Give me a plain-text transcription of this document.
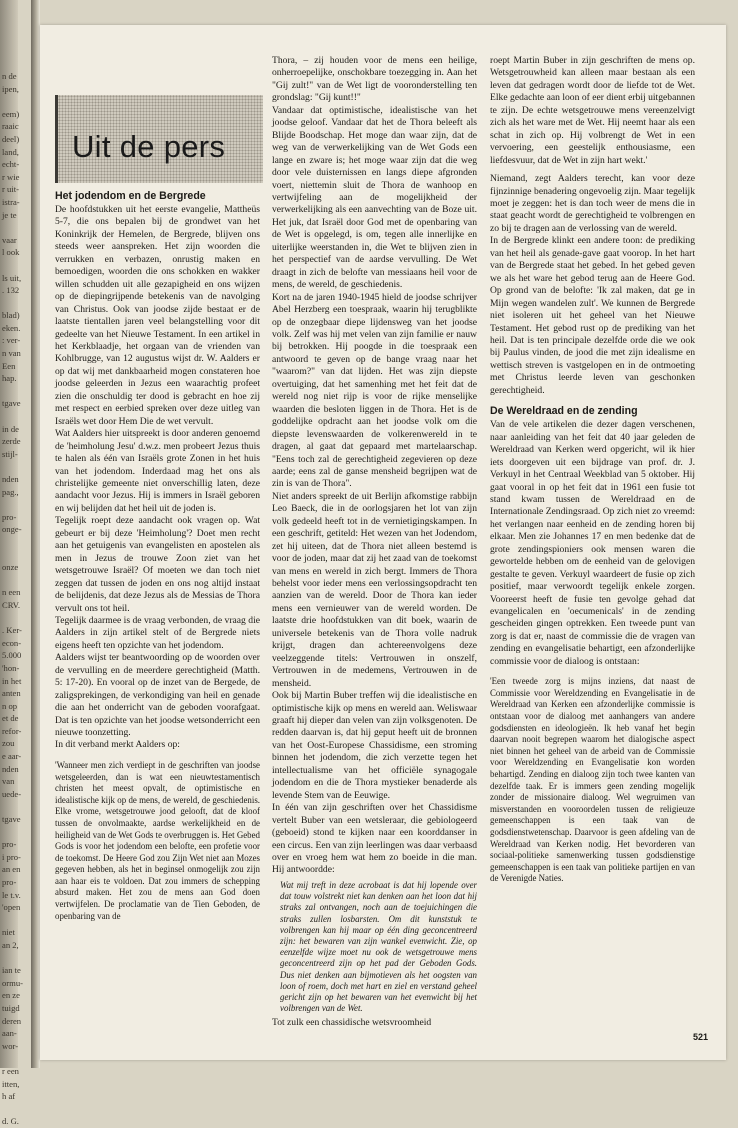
n de
ipen,

eem)
raaic
deel)
land,
echt-
r wie
r uit-
istra-
je te

vaar
l ook

ls uit,
. 132

blad)
eken.
: ver-
n van
Een
hap.

tgave

in de
zerde
stijl-

nden
pag.,

pro-
onge-

onze

n een
CRV.

. Ker-
econ-
5.000
'hon-
in het
anten
n op
et de
refor-
zou
e aar-
nden
van
uede-

tgave

pro-
i pro-
an en
pro-
le t.v.
'open

niet
an 2,

ian te
ormu-
en ze
tuigd
deren
aan-
wor-

r een
itten,
h af

d. G.
Uit de pers
Het jodendom en de Bergrede

De hoofdstukken uit het eerste evangelie, Mattheüs 5-7, die ons bepalen bij de grondwet van het Koninkrijk der Hemelen, de Bergrede, blijven ons steeds weer aanspreken. Het zijn woorden die verrukken en verbazen, onrustig maken en bemoedigen, woorden die ons schokken en wakker willen schudden uit alle gezapigheid en ons wijzen op de diepingrijpende betekenis van de navolging van Christus. Ook van joodse zijde bestaat er de laatste tientallen jaren veel belangstelling voor dit gedeelte van het Nieuwe Testament. In een artikel in het Kerkblaadje, het orgaan van de vrienden van Kohlbrugge, van 12 augustus wijst dr. W. Aalders er op dat wij met dankbaarheid mogen constateren hoe joodse geleerden in Jezus een waarachtig profeet zien die onschuldig ter dood is gebracht en hoe zij met respect en eerbied spreken over deze uitleg van Israëls wet door Hem Die de wet vervult.

Wat Aalders hier uitspreekt is door anderen genoemd de 'heimholung Jesu' d.w.z. men probeert Jezus thuis te halen als één van Israëls grote Zonen in het huis van het jodendom. Inderdaad mag het ons als christelijke gemeente niet onverschillig laten, deze aandacht voor Jezus. Hij is immers in Israël geboren en wij belijden dat het heil uit de joden is.

Tegelijk roept deze aandacht ook vragen op. Wat gebeurt er bij deze 'Heimholung'? Doet men recht aan het getuigenis van evangelisten en apostelen als men in Jezus de trouwe Zoon ziet van het wetsgetrouwe Israël? Of moeten we dan toch niet zeggen dat tussen de joden en ons nog altijd instaat de belijdenis, dat deze Jezus als de Messias de Thora vervult ons tot heil.

Tegelijk daarmee is de vraag verbonden, de vraag die Aalders in zijn artikel stelt of de Bergrede niets eigens heeft ten opzichte van het jodendom.

Aalders wijst ter beantwoording op de woorden over de vervulling en de meerdere gerechtigheid (Matth. 5: 17-20). En vooral op de inzet van de Bergede, de zaligsprekingen, de verkondiging van heil en genade die aan het onderricht van de geboden voorafgaat. Dat is ten opzichte van het joodse wetsonderricht een nieuwe toonzetting.

In dit verband merkt Aalders op:

'Wanneer men zich verdiept in de geschriften van joodse wetsgeleerden, dan is wat een nieuwtestamentisch christen het meest opvalt, de optimistische en idealistische kijk op de mens, de wereld, de geschiedenis. Elke vrome, wetsgetrouwe jood gelooft, dat de kloof tussen de onvolmaakte, aardse werkelijkheid en de heiligheid van de Wet Gods te overbruggen is. Het Gebed Gods is voor het jodendom een belofte, een profetie voor de toekomst. De Heere God zou Zijn Wet niet aan Mozes gegeven hebben, als het in beginsel onmogelijk zou zijn aan haar eis te voldoen. Dat zou immers de schepping absurd maken. Het zou de mens aan God doen vertwijfelen. De proclamatie van de Tien Geboden, de openbaring van de

Thora, – zij houden voor de mens een heilige, onherroepelijke, onschokbare toezegging in. Aan het "Gij zult!" van de Wet ligt de vooronderstelling ten grondslag: "Gij kunt!!"

Vandaar dat optimistische, idealistische van het joodse geloof. Vandaar dat het de Thora beleeft als Blijde Boodschap. Het moge dan waar zijn, dat de weg van de verwerkelijking van de Wet Gods een lange en zware is; het moge waar zijn dat die weg door vele duisternissen en langs diepe afgronden voert, niettemin sluit de Thora de wanhoop en vertwijfeling aan de mogelijkheid der verwerkelijking als een aanvechting van de Boze uit. Het juk, dat Israël door God met de openbaring van de Wet is opgelegd, is om, tegen alle innerlijke en uiterlijke weerstanden in, die Wet te blijven zien in het perspectief van de aardse vervulling. De Wet draagt in zich de belofte van messiaans heil voor de mens, de wereld, de geschiedenis.

Kort na de jaren 1940-1945 hield de joodse schrijver Abel Herzberg een toespraak, waarin hij terugblikte op de onzegbaar diepe lijdensweg van het joodse volk. Zelf was hij met velen van zijn familie er nauw bij betrokken. Hij poogde in die toespraak een antwoord te geven op de bange vraag naar het "waarom?" van dat lijden. Het was zijn diepste overtuiging, dat het samenhing met het feit dat de wereld nog niet rijp is voor de rijke menselijke waarden die besloten liggen in de Thora. Het is de goddelijke opdracht aan het joodse volk om die diepste levenswaarden de volkerenwereld in te dragen, al gaat dat gepaard met martelaarschap. "Eens toch zal de gerechtigheid zegevieren op deze aarde; eens zal de ganse mensheid begrijpen wat de zin is van de Thora".

Niet anders spreekt de uit Berlijn afkomstige rabbijn Leo Baeck, die in de oorlogsjaren het lot van zijn volk gedeeld heeft tot in de vernietigingskampen. In een geschrift, getiteld: Het wezen van het Jodendom, zet hij uiteen, dat de Thora niet alleen bestemd is voor de joden, maar dat zij het zaad van de toekomst van mens en wereld in zich bergt. Immers de Thora behelst voor ieder mens een verlossingsopdracht ten aanzien van de wereld. Door de Thora kan ieder mens een vernieuwer van de wereld worden. De laatste drie hoofdstukken van dit boek, waarin de universele betekenis van de Thora volle nadruk krijgt, dragen dan achtereenvolgens deze veelzeggende titels: Vertrouwen in onszelf, Vertrouwen in de medemens, Vertrouwen in de mensheid.

Ook bij Martin Buber treffen wij die idealistische en optimistische kijk op mens en wereld aan. Weliswaar graaft hij dieper dan velen van zijn volksgenoten. De redden daarvan is, dat hij geput heeft uit de bronnen van het Oost-Europese Chassidisme, een stroming binnen het jodendom, die zich verzette tegen het intellectualisme van het officiële synagogale jodendom en die de Thora mystieker benaderde als levende Stem van de Eeuwige.

In één van zijn geschriften over het Chassidisme vertelt Buber van een wetsleraar, die gebiologeerd (geboeid) stond te kijken naar een koorddanser in een circus. Een van zijn leerlingen was daar verbaasd over en vroeg hem wat hem zo boeide in die man. Hij antwoordde:

Wat mij treft in deze acrobaat is dat hij lopende over dat touw volstrekt niet kan denken aan het loon dat hij straks zal ontvangen, noch aan de toejuichingen die straks zullen losbarsten. Om dit kunststuk te volbrengen kan hij maar op één ding geconcentreerd zijn: het bewaren van zijn wankel evenwicht. Zie, op eenzelfde wijze moet nu ook de wetsgetrouwe mens geconcentreerd zijn op het pad der Geboden Gods. Dus niet denken aan bijmotieven als het oogsten van loon of roem, doch met hart en ziel en verstand geheel gericht zijn op het bewaren van het evenwicht bij het volbrengen van de Wet.

Tot zulk een chassidische wetsvroomheid

roept Martin Buber in zijn geschriften de mens op. Wetsgetrouwheid kan alleen maar bestaan als een leven dat gedragen wordt door de liefde tot de Wet. Elke gedachte aan loon of eer dient erbij uitgebannen te zijn. De echte wetsgetrouwe mens vereenzelvigt zich als het ware met de Wet. Hij neemt haar als een schat in zich op. Hij volbrengt de Wet in een vervoering, een geestelijk enthousiasme, een liefdesvuur, dat de Wet in zijn hart wekt.'

Niemand, zegt Aalders terecht, kan voor deze fijnzinnige benadering ongevoelig zijn. Maar tegelijk moet je zeggen: het is dan toch weer de mens die in staat geacht wordt de gerechtigheid te volbrengen en zo bij te dragen aan de verlossing van de wereld.

In de Bergrede klinkt een andere toon: de prediking van het heil als genade-gave gaat voorop. In het hart van de Bergrede staat het gebed. In het gebed geven we als het ware het gebod terug aan de Heere God. Op grond van de belofte: 'Ik zal maken, dat ge in Mijn wegen wandelen zult'. We kunnen de Bergrede niet isoleren uit het geheel van het Nieuwe Testament. Het gebod rust op de prediking van het heil. Dat is ten principale dezelfde orde die we ook bij Paulus vinden, de jood die met zijn idealisme en wettisch streven is vastgelopen en in de ontmoeting met Christus leerde leven van geschonken gerechtigheid.

De Wereldraad en de zending

Van de vele artikelen die dezer dagen verschenen, naar aanleiding van het feit dat 40 jaar geleden de Wereldraad van Kerken werd opgericht, wil ik hier iets doorgeven uit een bijdrage van prof. dr. J. Verkuyl in het Centraal Weekblad van 5 oktober. Hij gaat vooral in op het feit dat in 1961 een fusie tot stand kwam tussen de Wereldraad en de Internationale Zendingsraad. Op zich niet zo vreemd: het verlangen naar eenheid en de zending horen bij elkaar. Men zie Johannes 17 en men bedenke dat de grote zendingspioniers ook mensen waren die gewortelde hebben om de eenheid van de gelovigen gestalte te geven. Verkuyl waardeert de fusie op zich positief, maar verwoordt tegelijk enkele zorgen. Vooreerst heeft de fusie ten gevolge gehad dat evangelicalen en 'oecumenicals' in de zending gescheiden gingen optrekken. Een tweede punt van zorg is dat er, naast de commissie die de vragen van zending en evangelisatie behartigt, een afzonderlijke commissie voor de dialoog is ontstaan:

'Een tweede zorg is mijns inziens, dat naast de Commissie voor Wereldzending en Evangelisatie in de Wereldraad van Kerken een afzonderlijke commissie is ontstaan voor de dialoog met aanhangers van andere godsdiensten en ideologieën. Ik heb vanaf het begin daarvan nooit begrepen waarom het dialogische aspect niet binnen het geheel van de arbeid van de Commissie voor Wereldzending en Evangelisatie kon worden behartigd. Zending en dialoog zijn toch twee kanten van dezelfde taak. Er is immers geen zending mogelijk zonder de missionaire dialoog. Wel wegruimen van misverstanden en vooroordelen tussen de religieuze gemeenschappen is een taak van de godsdienstwetenschap. Daarvoor is geen afdeling van de Wereldraad van Kerken nodig. Het bevorderen van sociaal-politieke samenwerking tussen godsdienstige gemeenschappen is een taak van politieke partijen en van de Verenigde Naties.

521
